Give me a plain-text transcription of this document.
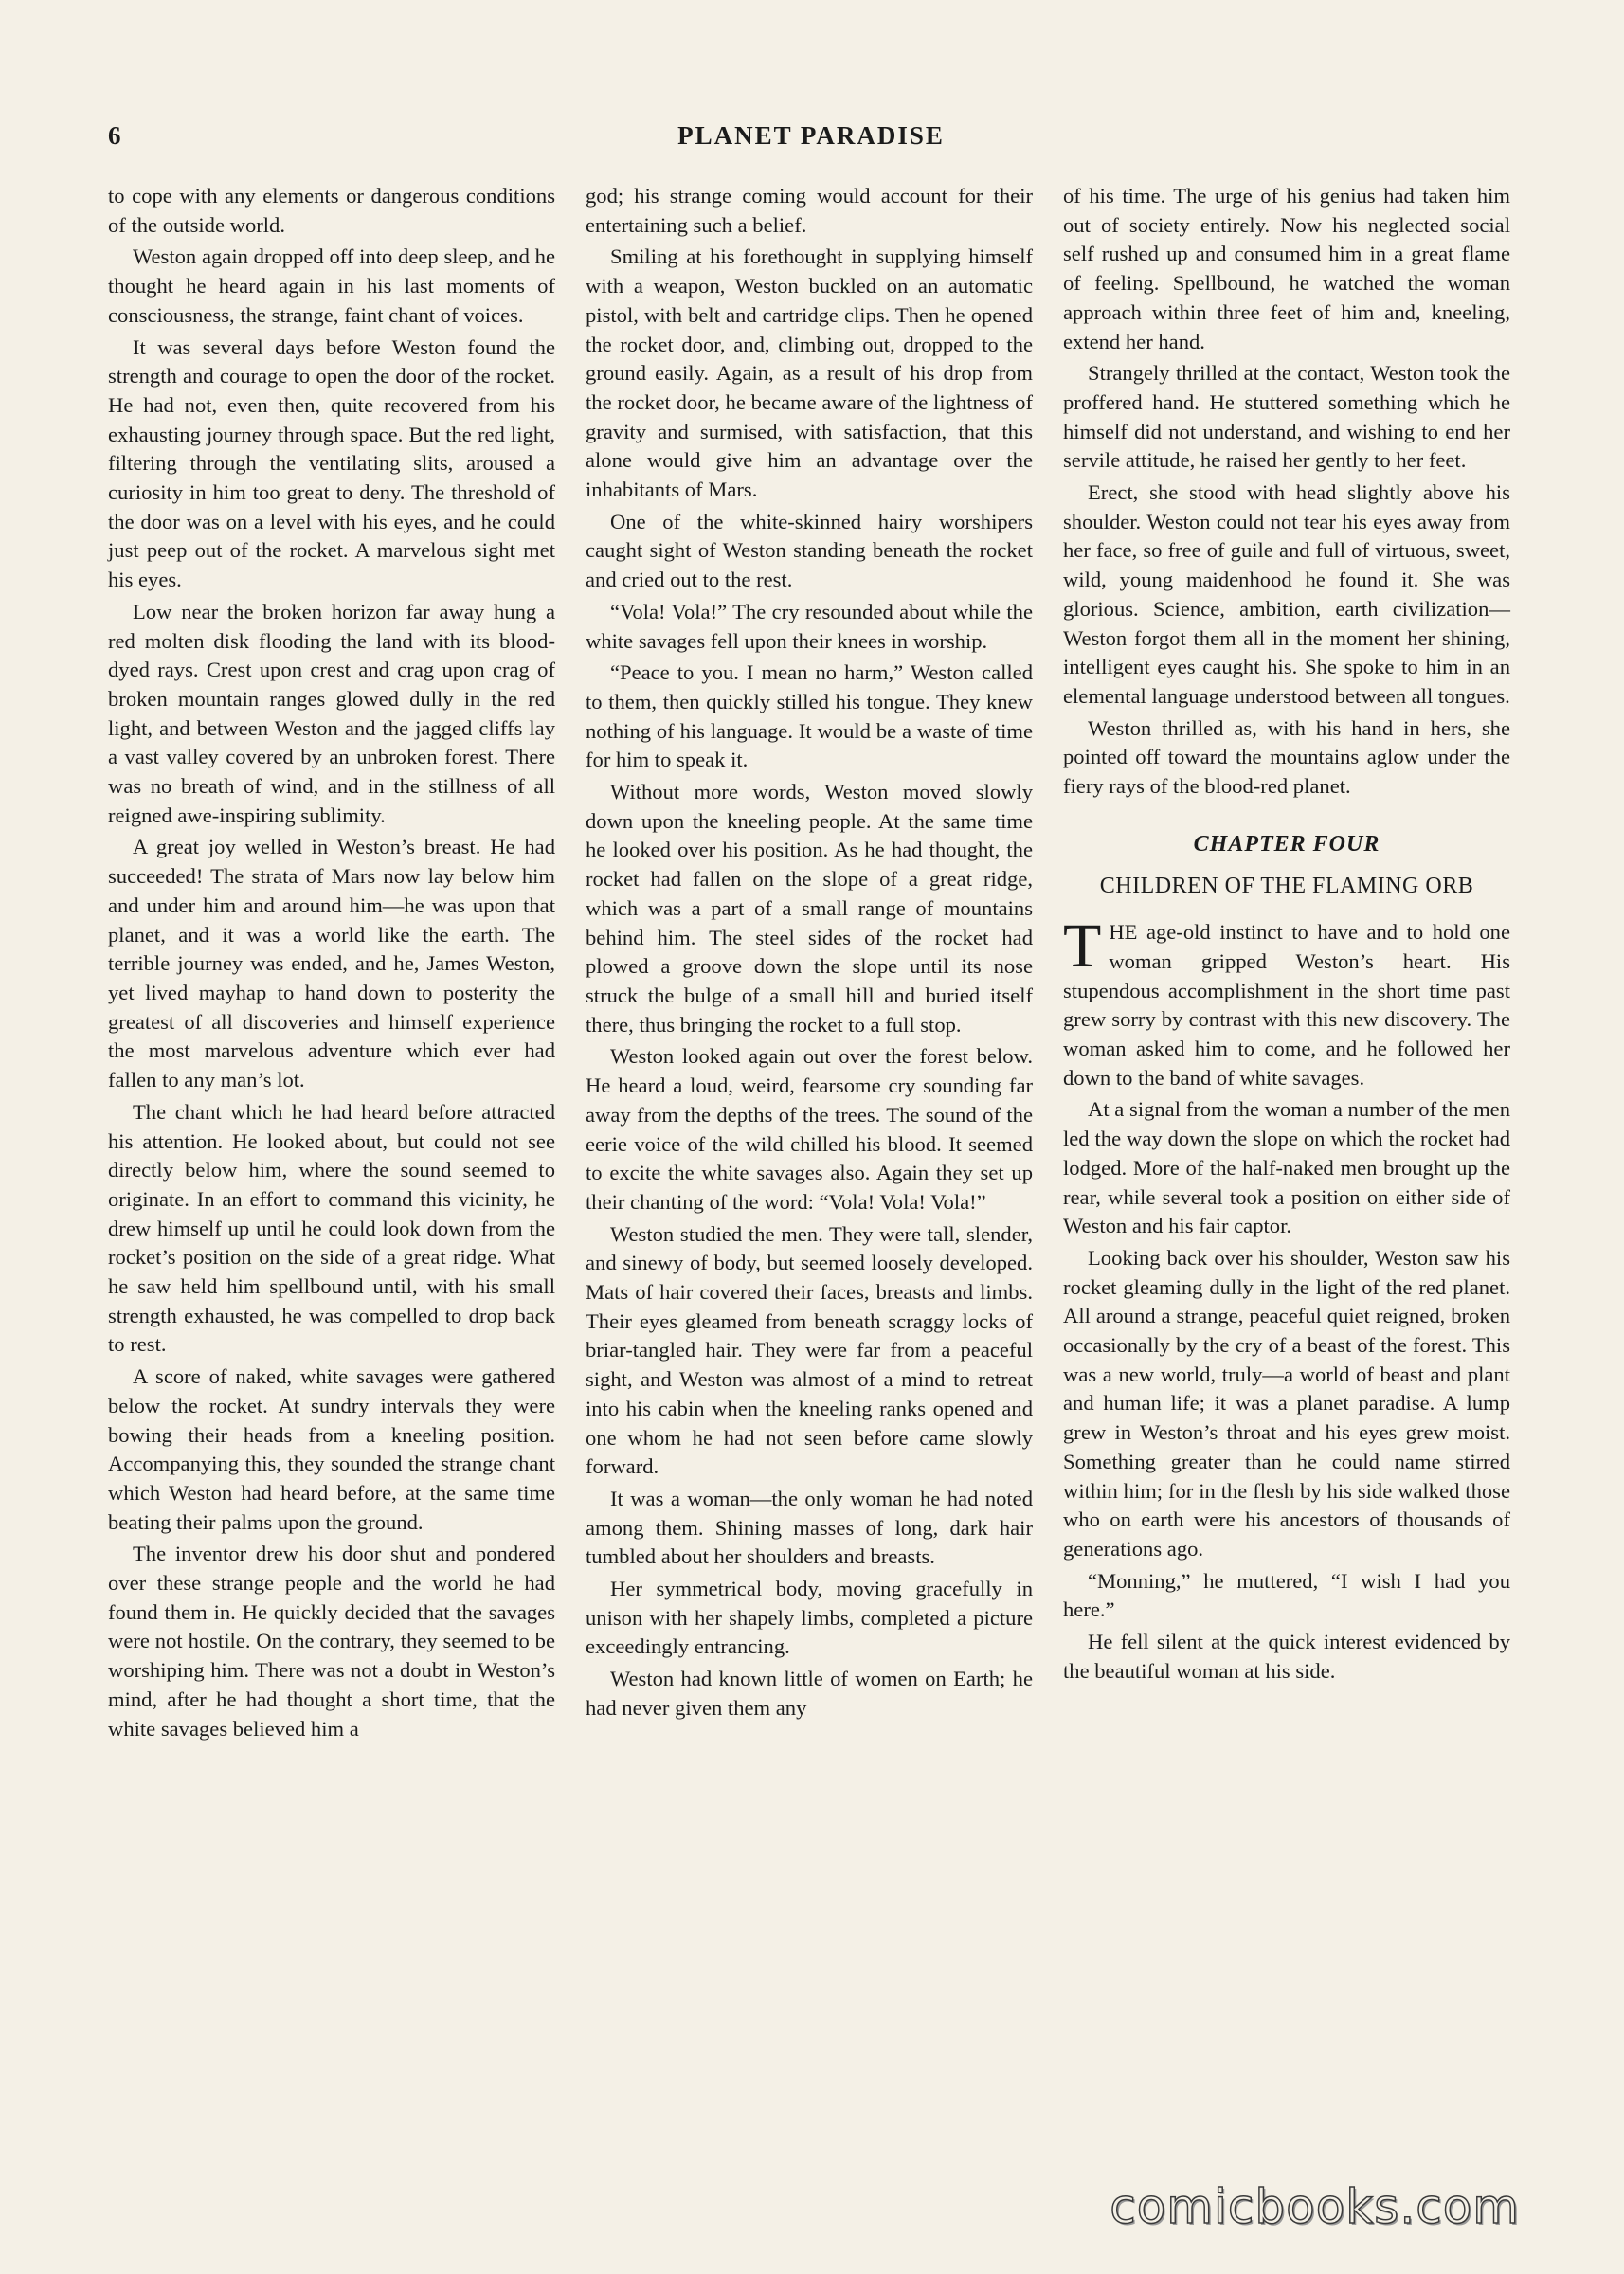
6	PLANET PARADISE

to cope with any elements or dangerous conditions of the outside world.

Weston again dropped off into deep sleep, and he thought he heard again in his last moments of consciousness, the strange, faint chant of voices.

It was several days before Weston found the strength and courage to open the door of the rocket. He had not, even then, quite recovered from his exhausting journey through space. But the red light, filtering through the ventilating slits, aroused a curiosity in him too great to deny. The threshold of the door was on a level with his eyes, and he could just peep out of the rocket. A marvelous sight met his eyes.

Low near the broken horizon far away hung a red molten disk flooding the land with its blood-dyed rays. Crest upon crest and crag upon crag of broken mountain ranges glowed dully in the red light, and between Weston and the jagged cliffs lay a vast valley covered by an unbroken forest. There was no breath of wind, and in the stillness of all reigned awe-inspiring sublimity.

A great joy welled in Weston’s breast. He had succeeded! The strata of Mars now lay below him and under him and around him—he was upon that planet, and it was a world like the earth. The terrible journey was ended, and he, James Weston, yet lived mayhap to hand down to posterity the greatest of all discoveries and himself experience the most marvelous adventure which ever had fallen to any man’s lot.

The chant which he had heard before attracted his attention. He looked about, but could not see directly below him, where the sound seemed to originate. In an effort to command this vicinity, he drew himself up until he could look down from the rocket’s position on the side of a great ridge. What he saw held him spellbound until, with his small strength exhausted, he was compelled to drop back to rest.

A score of naked, white savages were gathered below the rocket. At sundry intervals they were bowing their heads from a kneeling position. Accompanying this, they sounded the strange chant which Weston had heard before, at the same time beating their palms upon the ground.

The inventor drew his door shut and pondered over these strange people and the world he had found them in. He quickly decided that the savages were not hostile. On the contrary, they seemed to be worshiping him. There was not a doubt in Weston’s mind, after he had thought a short time, that the white savages believed him a

god; his strange coming would account for their entertaining such a belief.

Smiling at his forethought in supplying himself with a weapon, Weston buckled on an automatic pistol, with belt and cartridge clips. Then he opened the rocket door, and, climbing out, dropped to the ground easily. Again, as a result of his drop from the rocket door, he became aware of the lightness of gravity and surmised, with satisfaction, that this alone would give him an advantage over the inhabitants of Mars.

One of the white-skinned hairy worshipers caught sight of Weston standing beneath the rocket and cried out to the rest.

“Vola! Vola!” The cry resounded about while the white savages fell upon their knees in worship.

“Peace to you. I mean no harm,” Weston called to them, then quickly stilled his tongue. They knew nothing of his language. It would be a waste of time for him to speak it.

Without more words, Weston moved slowly down upon the kneeling people. At the same time he looked over his position. As he had thought, the rocket had fallen on the slope of a great ridge, which was a part of a small range of mountains behind him. The steel sides of the rocket had plowed a groove down the slope until its nose struck the bulge of a small hill and buried itself there, thus bringing the rocket to a full stop.

Weston looked again out over the forest below. He heard a loud, weird, fearsome cry sounding far away from the depths of the trees. The sound of the eerie voice of the wild chilled his blood. It seemed to excite the white savages also. Again they set up their chanting of the word: “Vola! Vola! Vola!”

Weston studied the men. They were tall, slender, and sinewy of body, but seemed loosely developed. Mats of hair covered their faces, breasts and limbs. Their eyes gleamed from beneath scraggy locks of briar-tangled hair. They were far from a peaceful sight, and Weston was almost of a mind to retreat into his cabin when the kneeling ranks opened and one whom he had not seen before came slowly forward.

It was a woman—the only woman he had noted among them. Shining masses of long, dark hair tumbled about her shoulders and breasts.

Her symmetrical body, moving gracefully in unison with her shapely limbs, completed a picture exceedingly entrancing.

Weston had known little of women on Earth; he had never given them any

of his time. The urge of his genius had taken him out of society entirely. Now his neglected social self rushed up and consumed him in a great flame of feeling. Spellbound, he watched the woman approach within three feet of him and, kneeling, extend her hand.

Strangely thrilled at the contact, Weston took the proffered hand. He stuttered something which he himself did not understand, and wishing to end her servile attitude, he raised her gently to her feet.

Erect, she stood with head slightly above his shoulder. Weston could not tear his eyes away from her face, so free of guile and full of virtuous, sweet, wild, young maidenhood he found it. She was glorious. Science, ambition, earth civilization—Weston forgot them all in the moment her shining, intelligent eyes caught his. She spoke to him in an elemental language understood between all tongues.

Weston thrilled as, with his hand in hers, she pointed off toward the mountains aglow under the fiery rays of the blood-red planet.

CHAPTER FOUR
CHILDREN OF THE FLAMING ORB

THE age-old instinct to have and to hold one woman gripped Weston’s heart. His stupendous accomplishment in the short time past grew sorry by contrast with this new discovery. The woman asked him to come, and he followed her down to the band of white savages.

At a signal from the woman a number of the men led the way down the slope on which the rocket had lodged. More of the half-naked men brought up the rear, while several took a position on either side of Weston and his fair captor.

Looking back over his shoulder, Weston saw his rocket gleaming dully in the light of the red planet. All around a strange, peaceful quiet reigned, broken occasionally by the cry of a beast of the forest. This was a new world, truly—a world of beast and plant and human life; it was a planet paradise. A lump grew in Weston’s throat and his eyes grew moist. Something greater than he could name stirred within him; for in the flesh by his side walked those who on earth were his ancestors of thousands of generations ago.

“Monning,” he muttered, “I wish I had you here.”

He fell silent at the quick interest evidenced by the beautiful woman at his side.

comicbooks.com
